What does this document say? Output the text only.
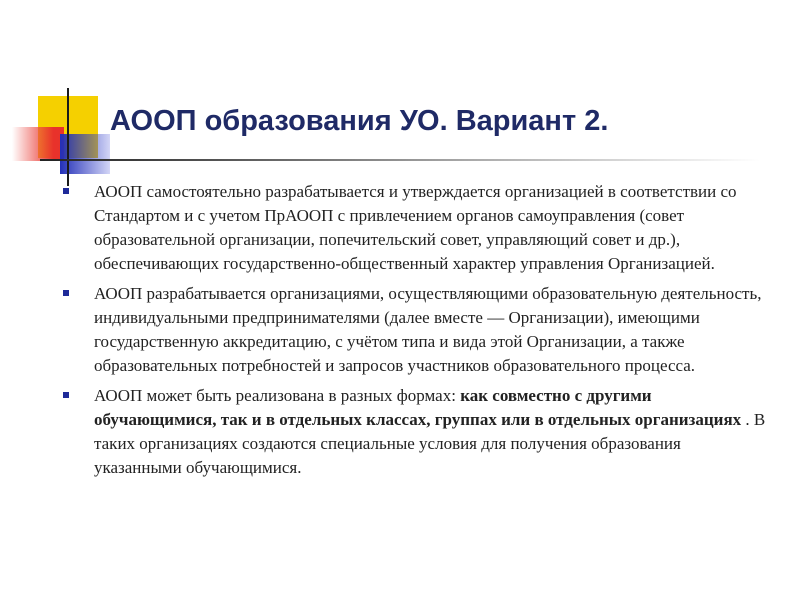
АООП образования УО. Вариант 2.

АООП самостоятельно разрабатывается и утверждается организацией в соответствии со Стандартом и с учетом ПрАООП с привлечением органов самоуправления (совет образовательной организации, попечительский совет, управляющий совет и др.), обеспечивающих государственно-общественный характер управления Организацией.

АООП разрабатывается организациями, осуществляющими образовательную деятельность, индивидуальными предпринимателями (далее вместе — Организации), имеющими государственную аккредитацию, с учётом типа и вида этой Организации, а также образовательных потребностей и запросов участников образовательного процесса.

АООП может быть реализована в разных формах: как совместно с другими обучающимися, так и в отдельных классах, группах или в отдельных организациях . В таких организациях создаются специальные условия для получения образования указанными обучающимися.
